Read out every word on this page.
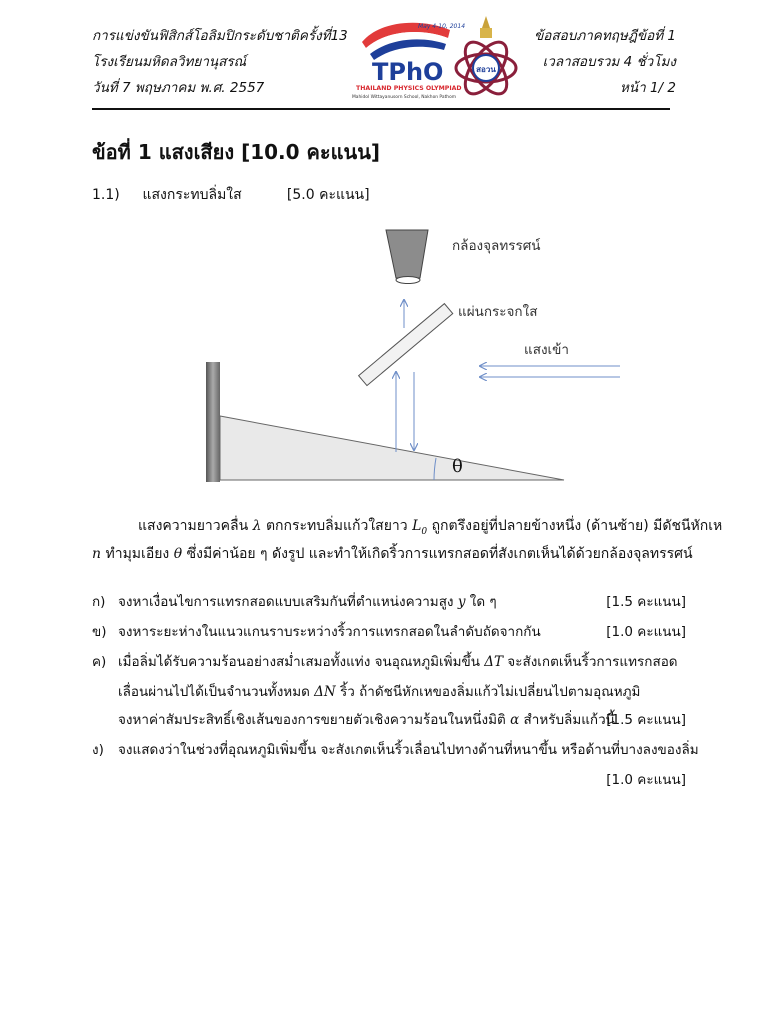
การแข่งขันฟิสิกส์โอลิมปิกระดับชาติครั้งที่13
โรงเรียนมหิดลวิทยานุสรณ์
วันที่ 7 พฤษภาคม พ.ศ. 2557
ข้อสอบภาคทฤษฎีข้อที่ 1
เวลาสอบรวม 4 ชั่วโมง
หน้า 1/ 2
May 4-10, 2014
TPhO
THAILAND PHYSICS OLYMPIAD
Mahidol Wittayanusorn School, Nakhon Pathom
สอวน
ข้อที่ 1 แสงเสียง [10.0 คะแนน]
1.1) แสงกระทบลิ่มใส	[5.0 คะแนน]
กล้องจุลทรรศน์
แผ่นกระจกใส
แสงเข้า
θ
แสงความยาวคลื่น λ ตกกระทบลิ่มแก้วใสยาว $L_0$ ถูกตรึงอยู่ที่ปลายข้างหนึ่ง (ด้านซ้าย) มีดัชนีหักเห
n ทำมุมเอียง θ ซึ่งมีค่าน้อย ๆ ดังรูป และทำให้เกิดริ้วการแทรกสอดที่สังเกตเห็นได้ด้วยกล้องจุลทรรศน์
ก) จงหาเงื่อนไขการแทรกสอดแบบเสริมกันที่ตำแหน่งความสูง y ใด ๆ	[1.5 คะแนน]
ข) จงหาระยะห่างในแนวแกนราบระหว่างริ้วการแทรกสอดในลำดับถัดจากกัน	[1.0 คะแนน]
ค) เมื่อลิ่มได้รับความร้อนอย่างสม่ำเสมอทั้งแท่ง จนอุณหภูมิเพิ่มขึ้น ΔT จะสังเกตเห็นริ้วการแทรกสอด
เลื่อนผ่านไปได้เป็นจำนวนทั้งหมด ΔN ริ้ว ถ้าดัชนีหักเหของลิ่มแก้วไม่เปลี่ยนไปตามอุณหภูมิ
จงหาค่าสัมประสิทธิ์เชิงเส้นของการขยายตัวเชิงความร้อนในหนึ่งมิติ α สำหรับลิ่มแก้วนี้
[1.5 คะแนน]
ง) จงแสดงว่าในช่วงที่อุณหภูมิเพิ่มขึ้น จะสังเกตเห็นริ้วเลื่อนไปทางด้านที่หนาขึ้น หรือด้านที่บางลงของลิ่ม
[1.0 คะแนน]
